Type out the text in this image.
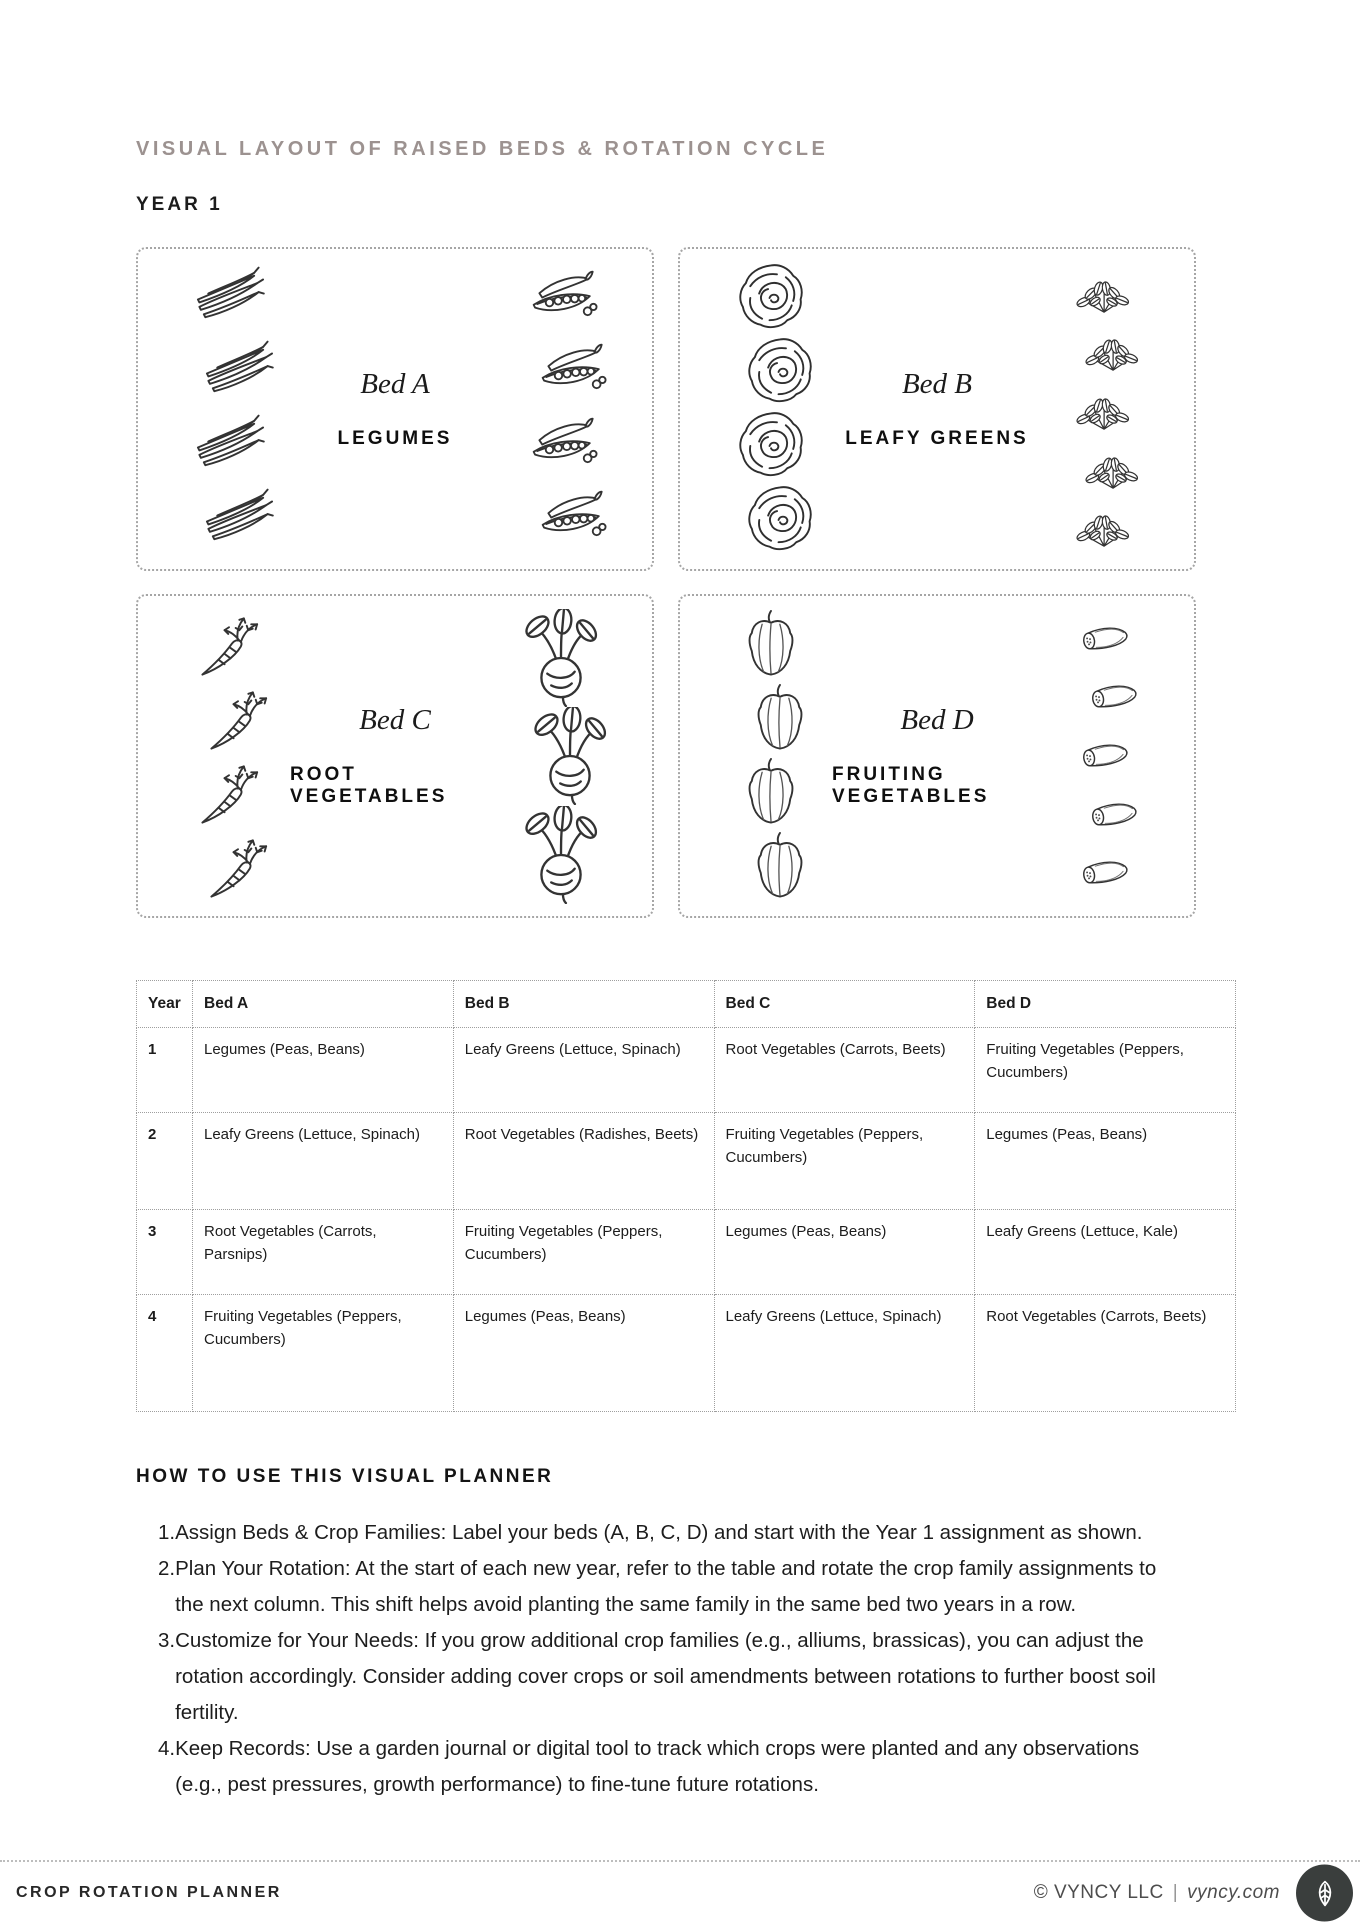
VISUAL LAYOUT OF RAISED BEDS & ROTATION CYCLE
YEAR 1
Bed A
LEGUMES
Bed B
LEAFY GREENS
Bed C
ROOT VEGETABLES
Bed D
FRUITING VEGETABLES
Year	Bed A	Bed B	Bed C	Bed D
1	Legumes (Peas, Beans)	Leafy Greens (Lettuce, Spinach)	Root Vegetables (Carrots, Beets)	Fruiting Vegetables (Peppers, Cucumbers)
2	Leafy Greens (Lettuce, Spinach)	Root Vegetables (Radishes, Beets)	Fruiting Vegetables (Peppers, Cucumbers)	Legumes (Peas, Beans)
3	Root Vegetables (Carrots, Parsnips)	Fruiting Vegetables (Peppers, Cucumbers)	Legumes (Peas, Beans)	Leafy Greens (Lettuce, Kale)
4	Fruiting Vegetables (Peppers, Cucumbers)	Legumes (Peas, Beans)	Leafy Greens (Lettuce, Spinach)	Root Vegetables (Carrots, Beets)
HOW TO USE THIS VISUAL PLANNER
1. Assign Beds & Crop Families: Label your beds (A, B, C, D) and start with the Year 1 assignment as shown.
2. Plan Your Rotation: At the start of each new year, refer to the table and rotate the crop family assignments to the next column. This shift helps avoid planting the same family in the same bed two years in a row.
3. Customize for Your Needs: If you grow additional crop families (e.g., alliums, brassicas), you can adjust the rotation accordingly. Consider adding cover crops or soil amendments between rotations to further boost soil fertility.
4. Keep Records: Use a garden journal or digital tool to track which crops were planted and any observations (e.g., pest pressures, growth performance) to fine-tune future rotations.
CROP ROTATION PLANNER	© VYNCY LLC | vyncy.com
